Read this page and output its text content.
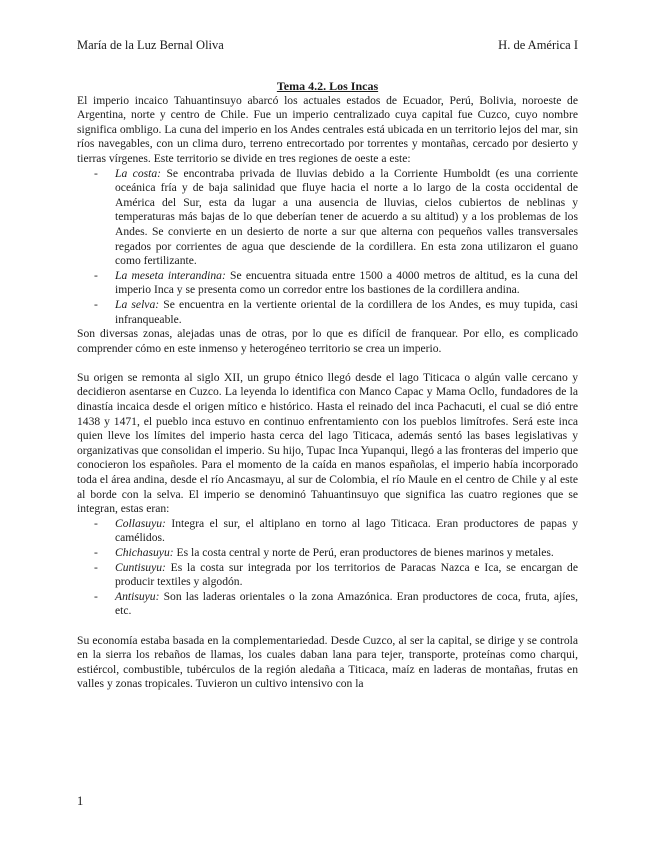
María de la Luz Bernal Oliva	H. de América I

Tema 4.2. Los Incas

El imperio incaico Tahuantinsuyo abarcó los actuales estados de Ecuador, Perú, Bolivia, noroeste de Argentina, norte y centro de Chile. Fue un imperio centralizado cuya capital fue Cuzco, cuyo nombre significa ombligo. La cuna del imperio en los Andes centrales está ubicada en un territorio lejos del mar, sin ríos navegables, con un clima duro, terreno entrecortado por torrentes y montañas, cercado por desierto y tierras vírgenes. Este territorio se divide en tres regiones de oeste a este:

- La costa: Se encontraba privada de lluvias debido a la Corriente Humboldt (es una corriente oceánica fría y de baja salinidad que fluye hacia el norte a lo largo de la costa occidental de América del Sur, esta da lugar a una ausencia de lluvias, cielos cubiertos de neblinas y temperaturas más bajas de lo que deberían tener de acuerdo a su altitud) y a los problemas de los Andes. Se convierte en un desierto de norte a sur que alterna con pequeños valles transversales regados por corrientes de agua que desciende de la cordillera. En esta zona utilizaron el guano como fertilizante.
- La meseta interandina: Se encuentra situada entre 1500 a 4000 metros de altitud, es la cuna del imperio Inca y se presenta como un corredor entre los bastiones de la cordillera andina.
- La selva: Se encuentra en la vertiente oriental de la cordillera de los Andes, es muy tupida, casi infranqueable.

Son diversas zonas, alejadas unas de otras, por lo que es difícil de franquear. Por ello, es complicado comprender cómo en este inmenso y heterogéneo territorio se crea un imperio.

Su origen se remonta al siglo XII, un grupo étnico llegó desde el lago Titicaca o algún valle cercano y decidieron asentarse en Cuzco. La leyenda lo identifica con Manco Capac y Mama Ocllo, fundadores de la dinastía incaica desde el origen mítico e histórico. Hasta el reinado del inca Pachacuti, el cual se dió entre 1438 y 1471, el pueblo inca estuvo en continuo enfrentamiento con los pueblos limítrofes. Será este inca quien lleve los límites del imperio hasta cerca del lago Titicaca, además sentó las bases legislativas y organizativas que consolidan el imperio. Su hijo, Tupac Inca Yupanqui, llegó a las fronteras del imperio que conocieron los españoles. Para el momento de la caída en manos españolas, el imperio había incorporado toda el área andina, desde el río Ancasmayu, al sur de Colombia, el río Maule en el centro de Chile y al este al borde con la selva. El imperio se denominó Tahuantinsuyo que significa las cuatro regiones que se integran, estas eran:

- Collasuyu: Integra el sur, el altiplano en torno al lago Titicaca. Eran productores de papas y camélidos.
- Chichasuyu: Es la costa central y norte de Perú, eran productores de bienes marinos y metales.
- Cuntisuyu: Es la costa sur integrada por los territorios de Paracas Nazca e Ica, se encargan de producir textiles y algodón.
- Antisuyu: Son las laderas orientales o la zona Amazónica. Eran productores de coca, fruta, ajíes, etc.

Su economía estaba basada en la complementariedad. Desde Cuzco, al ser la capital, se dirige y se controla en la sierra los rebaños de llamas, los cuales daban lana para tejer, transporte, proteínas como charqui, estiércol, combustible, tubérculos de la región aledaña a Titicaca, maíz en laderas de montañas, frutas en valles y zonas tropicales. Tuvieron un cultivo intensivo con la

1
